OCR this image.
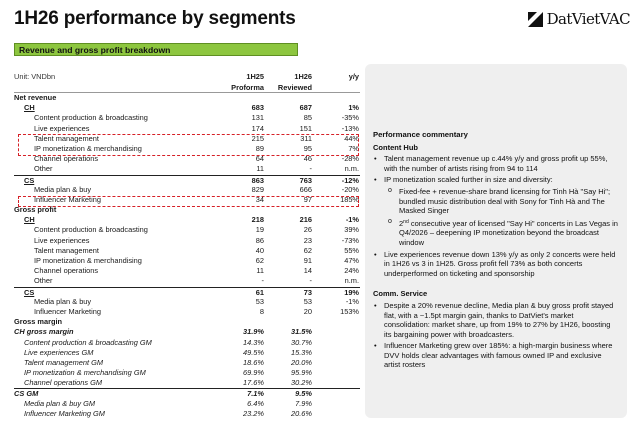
1H26 performance by segments	DatVietVAC
Revenue and gross profit breakdown
Unit: VNDbn	1H25	1H26	y/y
Proforma	Reviewed
Net revenue
CH	683	687	1%
Content production & broadcasting	131	85	-35%
Live experiences	174	151	-13%
Talent management	215	311	44%
IP monetization & merchandising	89	95	7%
Channel operations	64	46	-28%
Other	11	-	n.m.
CS	863	763	-12%
Media plan & buy	829	666	-20%
Influencer Marketing	34	97	185%
Gross profit
CH	218	216	-1%
Content production & broadcasting	19	26	39%
Live experiences	86	23	-73%
Talent management	40	62	55%
IP monetization & merchandising	62	91	47%
Channel operations	11	14	24%
Other	-	-	n.m.
CS	61	73	19%
Media plan & buy	53	53	-1%
Influencer Marketing	8	20	153%
Gross margin
CH gross margin	31.9%	31.5%
Content production & broadcasting GM	14.3%	30.7%
Live experiences GM	49.5%	15.3%
Talent management GM	18.6%	20.0%
IP monetization & merchandising GM	69.9%	95.9%
Channel operations GM	17.6%	30.2%
CS GM	7.1%	9.5%
Media plan & buy GM	6.4%	7.9%
Influencer Marketing GM	23.2%	20.6%
Performance commentary
Content Hub
• Talent management revenue up c.44% y/y and gross profit up 55%, with the number of artists rising from 94 to 114
• IP monetization scaled further in size and diversity:
o Fixed-fee + revenue-share brand licensing for Tinh Hà "Say Hi"; bundled music distribution deal with Sony for Tinh Hà and The Masked Singer
o 2nd consecutive year of licensed "Say Hi" concerts in Las Vegas in Q4/2026 – deepening IP monetization beyond the broadcast window
• Live experiences revenue down 13% y/y as only 2 concerts were held in 1H26 vs 3 in 1H25. Gross profit fell 73% as both concerts underperformed on ticketing and sponsorship
Comm. Service
• Despite a 20% revenue decline, Media plan & buy gross profit stayed flat, with a ~1.5pt margin gain, thanks to DatViet's market consolidation: market share, up from 19% to 27% by 1H26, boosting its bargaining power with broadcasters.
• Influencer Marketing grew over 185%: a high-margin business where DVV holds clear advantages with famous owned IP and exclusive artist rosters
